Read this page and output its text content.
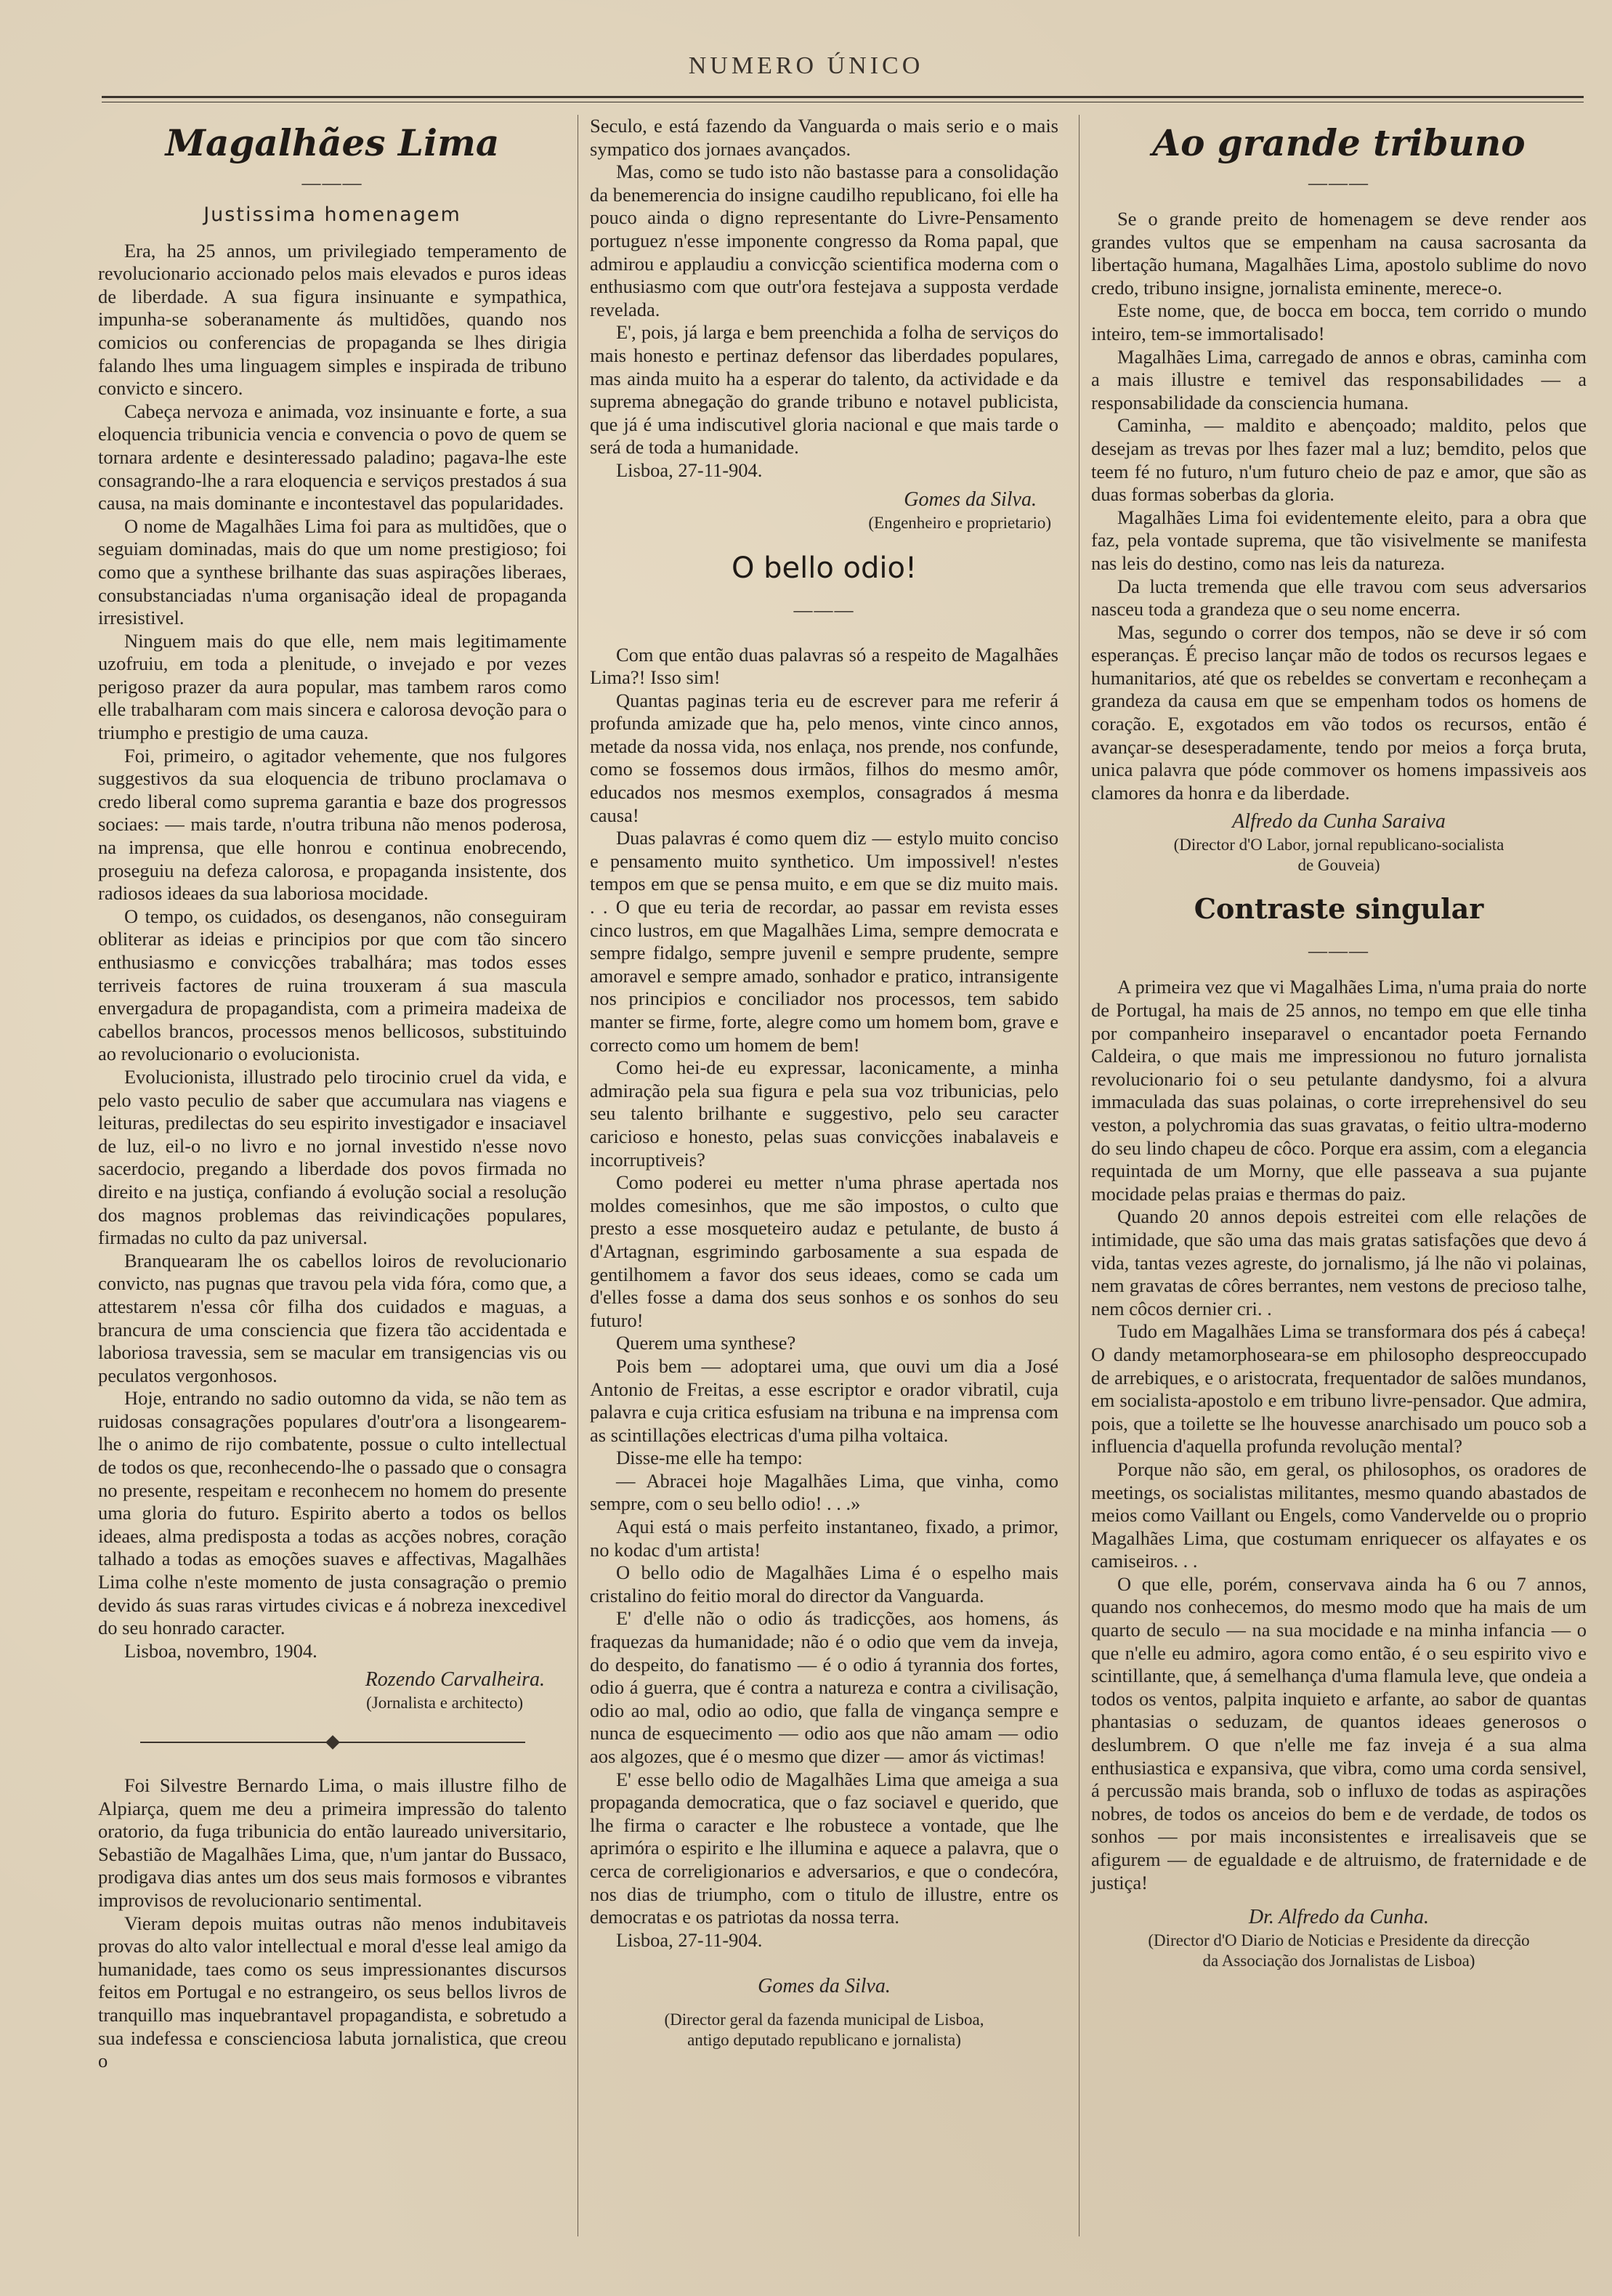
NUMERO ÚNICO
Magalhães Lima
———
Justissima homenagem

Era, ha 25 annos, um privilegiado temperamento de revolucionario accionado pelos mais elevados e puros ideas de liberdade. A sua figura insinuante e sympathica, impunha-se soberanamente ás multidões, quando nos comicios ou conferencias de propaganda se lhes dirigia falando lhes uma linguagem simples e inspirada de tribuno convicto e sincero.

Cabeça nervoza e animada, voz insinuante e forte, a sua eloquencia tribunicia vencia e convencia o povo de quem se tornara ardente e desinteressado paladino; pagava-lhe este consagrando-lhe a rara eloquencia e serviços prestados á sua causa, na mais dominante e incontestavel das popularidades.

O nome de Magalhães Lima foi para as multidões, que o seguiam dominadas, mais do que um nome prestigioso; foi como que a synthese brilhante das suas aspirações liberaes, consubstanciadas n'uma organisação ideal de propaganda irresistivel.

Ninguem mais do que elle, nem mais legitimamente uzofruiu, em toda a plenitude, o invejado e por vezes perigoso prazer da aura popular, mas tambem raros como elle trabalharam com mais sincera e calorosa devoção para o triumpho e prestigio de uma cauza.

Foi, primeiro, o agitador vehemente, que nos fulgores suggestivos da sua eloquencia de tribuno proclamava o credo liberal como suprema garantia e baze dos progressos sociaes: — mais tarde, n'outra tribuna não menos poderosa, na imprensa, que elle honrou e continua enobrecendo, proseguiu na defeza calorosa, e propaganda insistente, dos radiosos ideaes da sua laboriosa mocidade.

O tempo, os cuidados, os desenganos, não conseguiram obliterar as ideias e principios por que com tão sincero enthusiasmo e convicções trabalhára; mas todos esses terriveis factores de ruina trouxeram á sua mascula envergadura de propagandista, com a primeira madeixa de cabellos brancos, processos menos bellicosos, substituindo ao revolucionario o evolucionista.

Evolucionista, illustrado pelo tirocinio cruel da vida, e pelo vasto peculio de saber que accumulara nas viagens e leituras, predilectas do seu espirito investigador e insaciavel de luz, eil-o no livro e no jornal investido n'esse novo sacerdocio, pregando a liberdade dos povos firmada no direito e na justiça, confiando á evolução social a resolução dos magnos problemas das reivindicações populares, firmadas no culto da paz universal.

Branquearam lhe os cabellos loiros de revolucionario convicto, nas pugnas que travou pela vida fóra, como que, a attestarem n'essa côr filha dos cuidados e maguas, a brancura de uma consciencia que fizera tão accidentada e laboriosa travessia, sem se macular em transigencias vis ou peculatos vergonhosos.

Hoje, entrando no sadio outomno da vida, se não tem as ruidosas consagrações populares d'outr'ora a lisongearem-lhe o animo de rijo combatente, possue o culto intellectual de todos os que, reconhecendo-lhe o passado que o consagra no presente, respeitam e reconhecem no homem do presente uma gloria do futuro. Espirito aberto a todos os bellos ideaes, alma predisposta a todas as acções nobres, coração talhado a todas as emoções suaves e affectivas, Magalhães Lima colhe n'este momento de justa consagração o premio devido ás suas raras virtudes civicas e á nobreza inexcedivel do seu honrado caracter.

Lisboa, novembro, 1904.

Rozendo Carvalheira.
(Jornalista e architecto)

Foi Silvestre Bernardo Lima, o mais illustre filho de Alpiarça, quem me deu a primeira impressão do talento oratorio, da fuga tribunicia do então laureado universitario, Sebastião de Magalhães Lima, que, n'um jantar do Bussaco, prodigava dias antes um dos seus mais formosos e vibrantes improvisos de revolucionario sentimental.

Vieram depois muitas outras não menos indubitaveis provas do alto valor intellectual e moral d'esse leal amigo da humanidade, taes como os seus impressionantes discursos feitos em Portugal e no estrangeiro, os seus bellos livros de tranquillo mas inquebrantavel propagandista, e sobretudo a sua indefessa e conscienciosa labuta jornalistica, que creou o

Seculo, e está fazendo da Vanguarda o mais serio e o mais sympatico dos jornaes avançados.

Mas, como se tudo isto não bastasse para a consolidação da benemerencia do insigne caudilho republicano, foi elle ha pouco ainda o digno representante do Livre-Pensamento portuguez n'esse imponente congresso da Roma papal, que admirou e applaudiu a convicção scientifica moderna com o enthusiasmo com que outr'ora festejava a supposta verdade revelada.

E', pois, já larga e bem preenchida a folha de serviços do mais honesto e pertinaz defensor das liberdades populares, mas ainda muito ha a esperar do talento, da actividade e da suprema abnegação do grande tribuno e notavel publicista, que já é uma indiscutivel gloria nacional e que mais tarde o será de toda a humanidade.

Lisboa, 27-11-904.

Gomes da Silva.
(Engenheiro e proprietario)
O bello odio!
———

Com que então duas palavras só a respeito de Magalhães Lima?! Isso sim!

Quantas paginas teria eu de escrever para me referir á profunda amizade que ha, pelo menos, vinte cinco annos, metade da nossa vida, nos enlaça, nos prende, nos confunde, como se fossemos dous irmãos, filhos do mesmo amôr, educados nos mesmos exemplos, consagrados á mesma causa!

Duas palavras é como quem diz — estylo muito conciso e pensamento muito synthetico. Um impossivel! n'estes tempos em que se pensa muito, e em que se diz muito mais. . . O que eu teria de recordar, ao passar em revista esses cinco lustros, em que Magalhães Lima, sempre democrata e sempre fidalgo, sempre juvenil e sempre prudente, sempre amoravel e sempre amado, sonhador e pratico, intransigente nos principios e conciliador nos processos, tem sabido manter se firme, forte, alegre como um homem bom, grave e correcto como um homem de bem!

Como hei-de eu expressar, laconicamente, a minha admiração pela sua figura e pela sua voz tribunicias, pelo seu talento brilhante e suggestivo, pelo seu caracter caricioso e honesto, pelas suas convicções inabalaveis e incorruptiveis?

Como poderei eu metter n'uma phrase apertada nos moldes comesinhos, que me são impostos, o culto que presto a esse mosqueteiro audaz e petulante, de busto á d'Artagnan, esgrimindo garbosamente a sua espada de gentilhomem a favor dos seus ideaes, como se cada um d'elles fosse a dama dos seus sonhos e os sonhos do seu futuro!

Querem uma synthese?

Pois bem — adoptarei uma, que ouvi um dia a José Antonio de Freitas, a esse escriptor e orador vibratil, cuja palavra e cuja critica esfusiam na tribuna e na imprensa com as scintillações electricas d'uma pilha voltaica.

Disse-me elle ha tempo:

— Abracei hoje Magalhães Lima, que vinha, como sempre, com o seu bello odio! . . .»

Aqui está o mais perfeito instantaneo, fixado, a primor, no kodac d'um artista!

O bello odio de Magalhães Lima é o espelho mais cristalino do feitio moral do director da Vanguarda.

E' d'elle não o odio ás tradicções, aos homens, ás fraquezas da humanidade; não é o odio que vem da inveja, do despeito, do fanatismo — é o odio á tyrannia dos fortes, odio á guerra, que é contra a natureza e contra a civilisação, odio ao mal, odio ao odio, que falla de vingança sempre e nunca de esquecimento — odio aos que não amam — odio aos algozes, que é o mesmo que dizer — amor ás victimas!

E' esse bello odio de Magalhães Lima que ameiga a sua propaganda democratica, que o faz sociavel e querido, que lhe firma o caracter e lhe robustece a vontade, que lhe aprimóra o espirito e lhe illumina e aquece a palavra, que o cerca de correligionarios e adversarios, e que o condecóra, nos dias de triumpho, com o titulo de illustre, entre os democratas e os patriotas da nossa terra.

Lisboa, 27-11-904.

Gomes da Silva.
(Director geral da fazenda municipal de Lisboa,
antigo deputado republicano e jornalista)
Ao grande tribuno
———

Se o grande preito de homenagem se deve render aos grandes vultos que se empenham na causa sacrosanta da libertação humana, Magalhães Lima, apostolo sublime do novo credo, tribuno insigne, jornalista eminente, merece-o.

Este nome, que, de bocca em bocca, tem corrido o mundo inteiro, tem-se immortalisado!

Magalhães Lima, carregado de annos e obras, caminha com a mais illustre e temivel das responsabilidades — a responsabilidade da consciencia humana.

Caminha, — maldito e abençoado; maldito, pelos que desejam as trevas por lhes fazer mal a luz; bemdito, pelos que teem fé no futuro, n'um futuro cheio de paz e amor, que são as duas formas soberbas da gloria.

Magalhães Lima foi evidentemente eleito, para a obra que faz, pela vontade suprema, que tão visivelmente se manifesta nas leis do destino, como nas leis da natureza.

Da lucta tremenda que elle travou com seus adversarios nasceu toda a grandeza que o seu nome encerra.

Mas, segundo o correr dos tempos, não se deve ir só com esperanças. É preciso lançar mão de todos os recursos legaes e humanitarios, até que os rebeldes se convertam e reconheçam a grandeza da causa em que se empenham todos os homens de coração. E, exgotados em vão todos os recursos, então é avançar-se desesperadamente, tendo por meios a força bruta, unica palavra que póde commover os homens impassiveis aos clamores da honra e da liberdade.

Alfredo da Cunha Saraiva
(Director d'O Labor, jornal republicano-socialista
de Gouveia)
Contraste singular
———

A primeira vez que vi Magalhães Lima, n'uma praia do norte de Portugal, ha mais de 25 annos, no tempo em que elle tinha por companheiro inseparavel o encantador poeta Fernando Caldeira, o que mais me impressionou no futuro jornalista revolucionario foi o seu petulante dandysmo, foi a alvura immaculada das suas polainas, o corte irreprehensivel do seu veston, a polychromia das suas gravatas, o feitio ultra-moderno do seu lindo chapeu de côco. Porque era assim, com a elegancia requintada de um Morny, que elle passeava a sua pujante mocidade pelas praias e thermas do paiz.

Quando 20 annos depois estreitei com elle relações de intimidade, que são uma das mais gratas satisfações que devo á vida, tantas vezes agreste, do jornalismo, já lhe não vi polainas, nem gravatas de côres berrantes, nem vestons de precioso talhe, nem côcos dernier cri. .

Tudo em Magalhães Lima se transformara dos pés á cabeça! O dandy metamorphoseara-se em philosopho despreoccupado de arrebiques, e o aristocrata, frequentador de salões mundanos, em socialista-apostolo e em tribuno livre-pensador. Que admira, pois, que a toilette se lhe houvesse anarchisado um pouco sob a influencia d'aquella profunda revolução mental?

Porque não são, em geral, os philosophos, os oradores de meetings, os socialistas militantes, mesmo quando abastados de meios como Vaillant ou Engels, como Vandervelde ou o proprio Magalhães Lima, que costumam enriquecer os alfayates e os camiseiros. . .

O que elle, porém, conservava ainda ha 6 ou 7 annos, quando nos conhecemos, do mesmo modo que ha mais de um quarto de seculo — na sua mocidade e na minha infancia — o que n'elle eu admiro, agora como então, é o seu espirito vivo e scintillante, que, á semelhança d'uma flamula leve, que ondeia a todos os ventos, palpita inquieto e arfante, ao sabor de quantas phantasias o seduzam, de quantos ideaes generosos o deslumbrem. O que n'elle me faz inveja é a sua alma enthusiastica e expansiva, que vibra, como uma corda sensivel, á percussão mais branda, sob o influxo de todas as aspirações nobres, de todos os anceios do bem e de verdade, de todos os sonhos — por mais inconsistentes e irrealisaveis que se afigurem — de egualdade e de altruismo, de fraternidade e de justiça!

Dr. Alfredo da Cunha.
(Director d'O Diario de Noticias e Presidente da direcção
da Associação dos Jornalistas de Lisboa)
